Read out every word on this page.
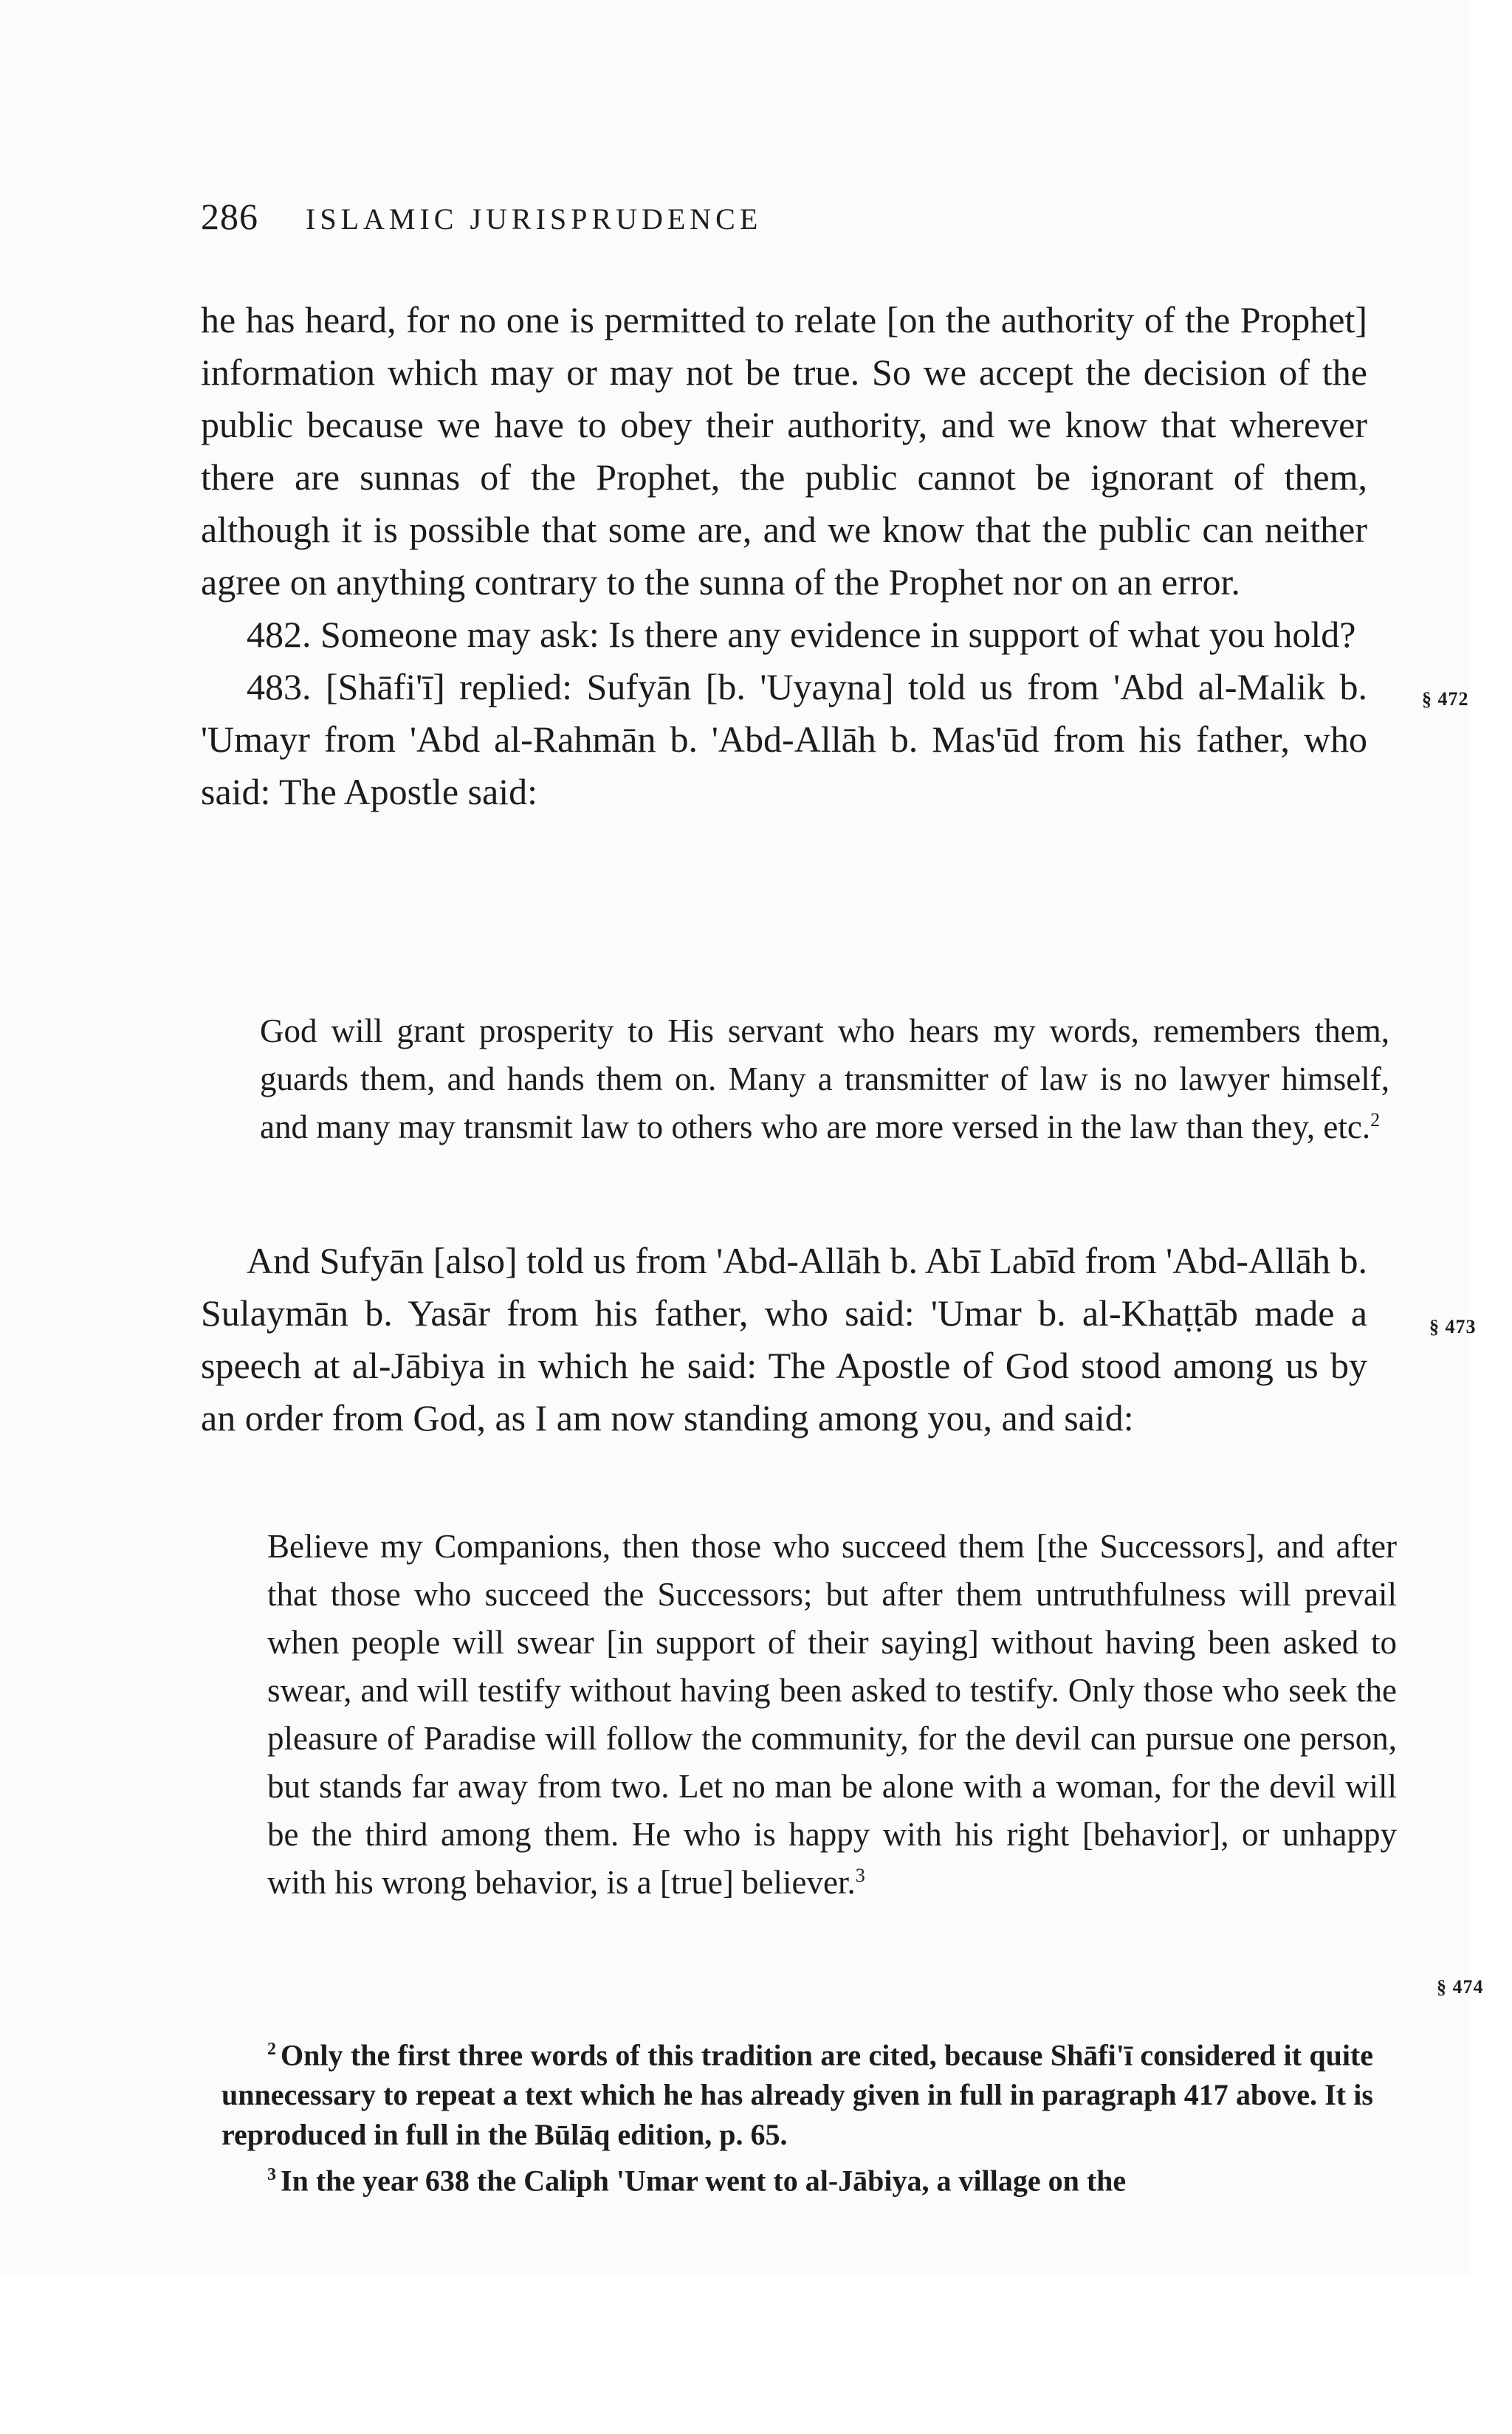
286 ISLAMIC JURISPRUDENCE

he has heard, for no one is permitted to relate [on the authority of the Prophet] information which may or may not be true. So we accept the decision of the public because we have to obey their authority, and we know that wherever there are sunnas of the Prophet, the public cannot be ignorant of them, although it is possible that some are, and we know that the public can neither agree on anything contrary to the sunna of the Prophet nor on an error.

482. Someone may ask: Is there any evidence in support of what you hold?

483. [Shāfi'ī] replied: Sufyān [b. 'Uyayna] told us from 'Abd al-Malik b. 'Umayr from 'Abd al-Rahmān b. 'Abd-Allāh b. Mas'ūd from his father, who said: The Apostle said:

God will grant prosperity to His servant who hears my words, remembers them, guards them, and hands them on. Many a transmitter of law is no lawyer himself, and many may transmit law to others who are more versed in the law than they, etc.$^2$

And Sufyān [also] told us from 'Abd-Allāh b. Abī Labīd from 'Abd-Allāh b. Sulaymān b. Yasār from his father, who said: 'Umar b. al-Khaṭṭāb made a speech at al-Jābiya in which he said: The Apostle of God stood among us by an order from God, as I am now standing among you, and said:

Believe my Companions, then those who succeed them [the Successors], and after that those who succeed the Successors; but after them untruthfulness will prevail when people will swear [in support of their saying] without having been asked to swear, and will testify without having been asked to testify. Only those who seek the pleasure of Paradise will follow the community, for the devil can pursue one person, but stands far away from two. Let no man be alone with a woman, for the devil will be the third among them. He who is happy with his right [behavior], or unhappy with his wrong behavior, is a [true] believer.$^3$

§ 472
§ 473
§ 474

$^2$ Only the first three words of this tradition are cited, because Shāfi'ī considered it quite unnecessary to repeat a text which he has already given in full in paragraph 417 above. It is reproduced in full in the Būlāq edition, p. 65.

$^3$ In the year 638 the Caliph 'Umar went to al-Jābiya, a village on the
